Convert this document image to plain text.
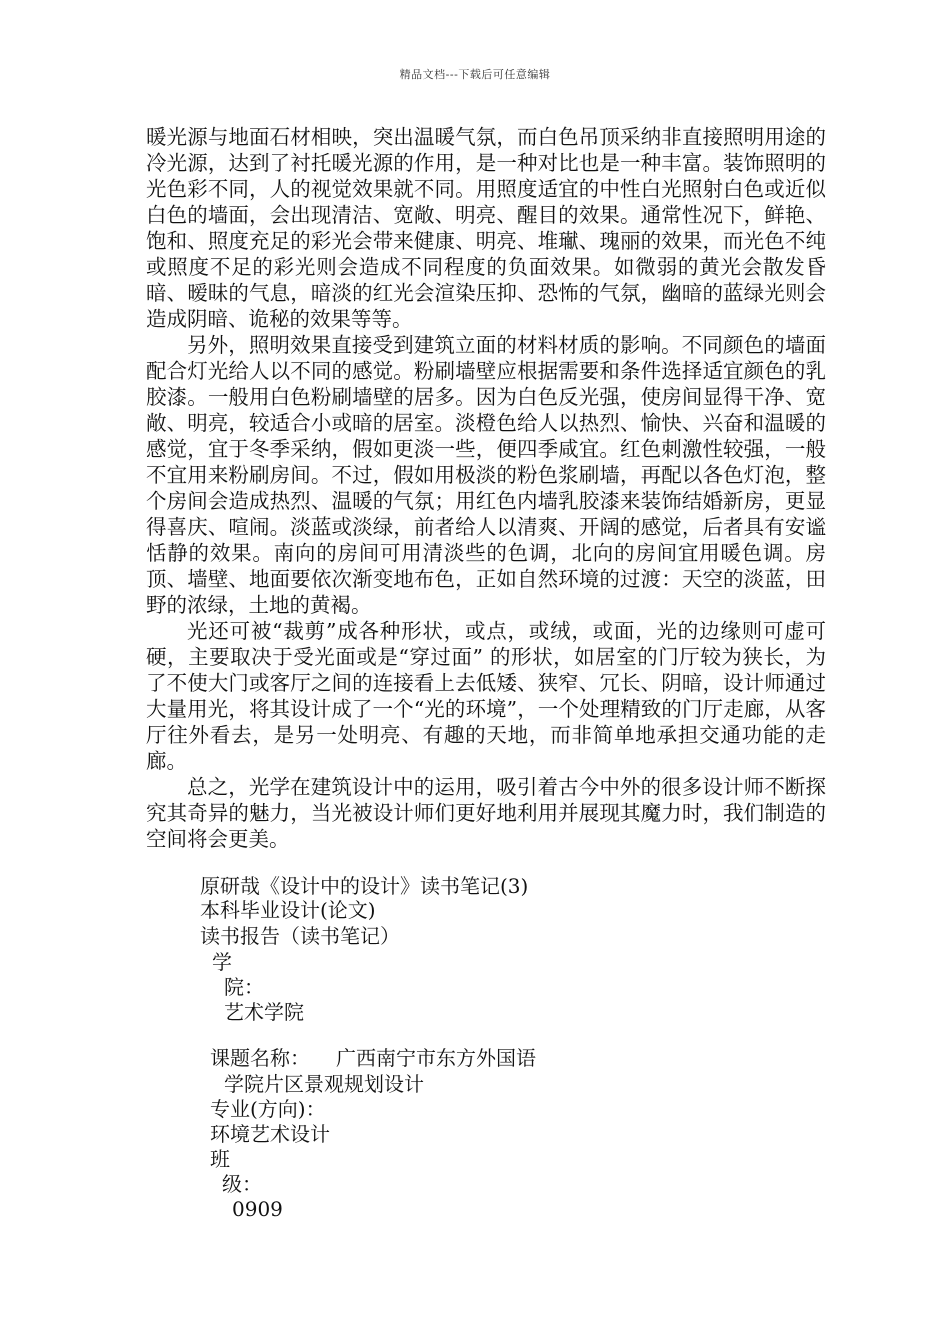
精品文档---下载后可任意编辑

暖光源与地面石材相映，突出温暖气氛，而白色吊顶采纳非直接照明用途的冷光源，达到了衬托暖光源的作用，是一种对比也是一种丰富。装饰照明的光色彩不同，人的视觉效果就不同。用照度适宜的中性白光照射白色或近似白色的墙面，会出现清洁、宽敞、明亮、醒目的效果。通常性况下，鲜艳、饱和、照度充足的彩光会带来健康、明亮、堆𤩽、瑰丽的效果，而光色不纯或照度不足的彩光则会造成不同程度的负面效果。如微弱的黄光会散发昏暗、暧昧的气息，暗淡的红光会渲染压抑、恐怖的气氛，幽暗的蓝绿光则会造成阴暗、诡秘的效果等等。

另外，照明效果直接受到建筑立面的材料材质的影响。不同颜色的墙面配合灯光给人以不同的感觉。粉刷墙壁应根据需要和条件选择适宜颜色的乳胶漆。一般用白色粉刷墙壁的居多。因为白色反光强，使房间显得干净、宽敞、明亮，较适合小或暗的居室。淡橙色给人以热烈、愉快、兴奋和温暖的感觉，宜于冬季采纳，假如更淡一些，便四季咸宜。红色刺激性较强，一般不宜用来粉刷房间。不过，假如用极淡的粉色浆刷墙，再配以各色灯泡，整个房间会造成热烈、温暖的气氛；用红色内墙乳胶漆来装饰结婚新房，更显得喜庆、喧闹。淡蓝或淡绿，前者给人以清爽、开阔的感觉，后者具有安谧恬静的效果。南向的房间可用清淡些的色调，北向的房间宜用暖色调。房顶、墙壁、地面要依次渐变地布色，正如自然环境的过渡：天空的淡蓝，田野的浓绿，土地的黄褐。

光还可被“裁剪”成各种形状，或点，或绒，或面，光的边缘则可虚可硬，主要取决于受光面或是“穿过面” 的形状，如居室的门厅较为狭长，为了不使大门或客厅之间的连接看上去低矮、狭窄、冗长、阴暗，设计师通过大量用光，将其设计成了一个“光的环境”，一个处理精致的门厅走廊，从客厅往外看去，是另一处明亮、有趣的天地，而非简单地承担交通功能的走廊。

总之，光学在建筑设计中的运用，吸引着古今中外的很多设计师不断探究其奇异的魅力，当光被设计师们更好地利用并展现其魔力时，我们制造的空间将会更美。

原研哉《设计中的设计》读书笔记(3)
本科毕业设计(论文)
读书报告（读书笔记）
学
院：
艺术学院
课题名称： 广西南宁市东方外国语
学院片区景观规划设计
专业(方向)：
环境艺术设计
班
级：
0909
